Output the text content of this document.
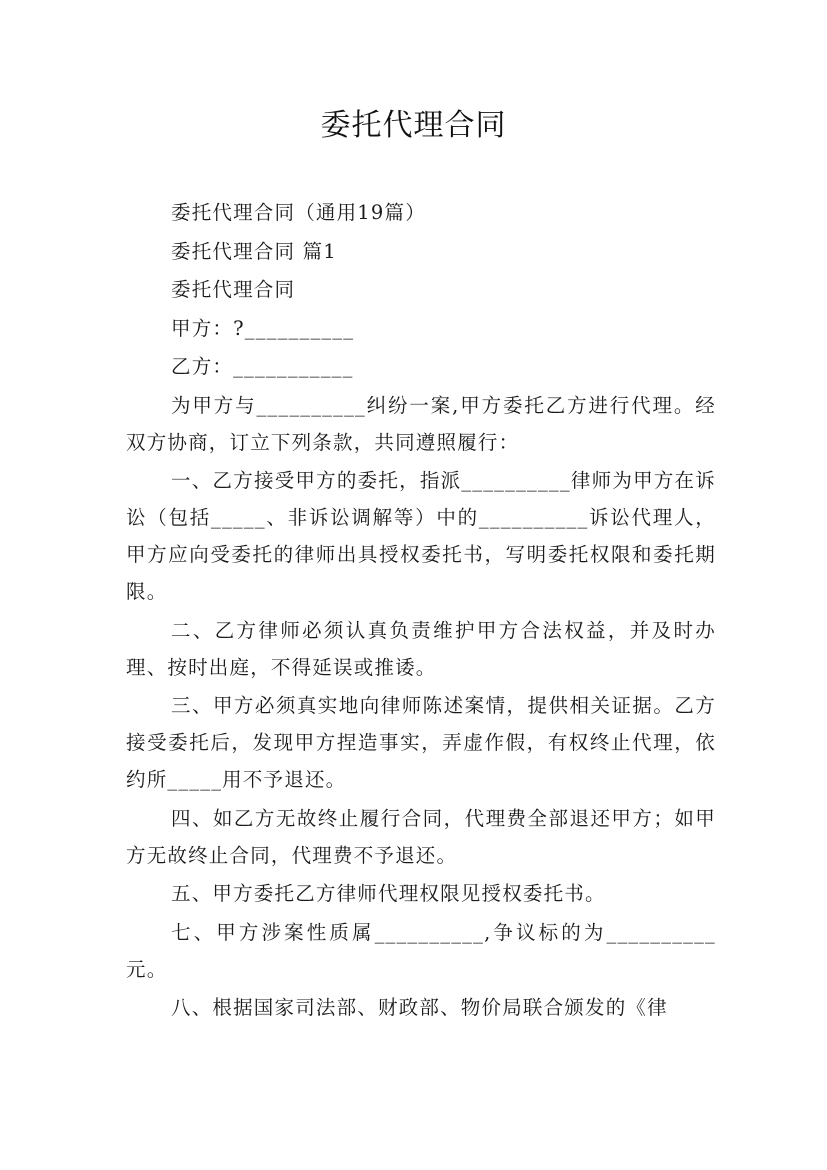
委托代理合同

委托代理合同（通用19篇）

委托代理合同 篇1

委托代理合同

甲方：?__________

乙方：___________

为甲方与__________纠纷一案,甲方委托乙方进行代理。经双方协商，订立下列条款，共同遵照履行：

一、乙方接受甲方的委托，指派__________律师为甲方在诉讼（包括_____、非诉讼调解等）中的__________诉讼代理人，甲方应向受委托的律师出具授权委托书，写明委托权限和委托期限。

二、乙方律师必须认真负责维护甲方合法权益，并及时办理、按时出庭，不得延误或推诿。

三、甲方必须真实地向律师陈述案情，提供相关证据。乙方接受委托后，发现甲方捏造事实，弄虚作假，有权终止代理，依约所_____用不予退还。

四、如乙方无故终止履行合同，代理费全部退还甲方；如甲方无故终止合同，代理费不予退还。

五、甲方委托乙方律师代理权限见授权委托书。

七、甲方涉案性质属__________,争议标的为__________元。

八、根据国家司法部、财政部、物价局联合颁发的《律
